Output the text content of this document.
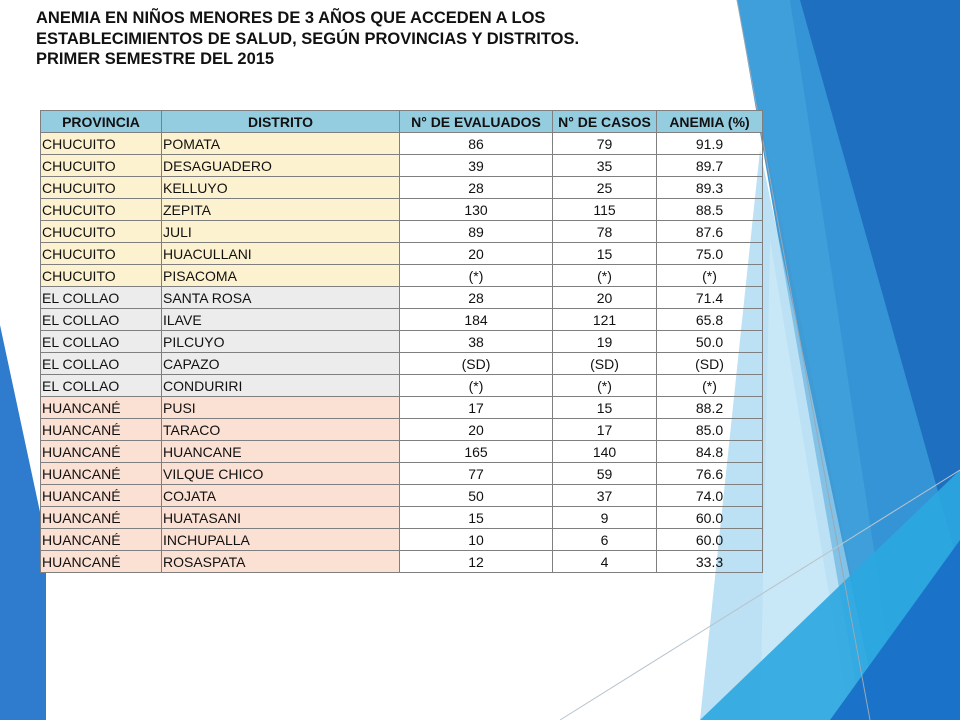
ANEMIA EN NIÑOS MENORES DE 3 AÑOS QUE ACCEDEN A LOS
ESTABLECIMIENTOS DE SALUD, SEGÚN PROVINCIAS Y DISTRITOS.
PRIMER SEMESTRE DEL 2015
PROVINCIA	DISTRITO	N° DE EVALUADOS	N° DE CASOS	ANEMIA (%)
CHUCUITO	POMATA	86	79	91.9
CHUCUITO	DESAGUADERO	39	35	89.7
CHUCUITO	KELLUYO	28	25	89.3
CHUCUITO	ZEPITA	130	115	88.5
CHUCUITO	JULI	89	78	87.6
CHUCUITO	HUACULLANI	20	15	75.0
CHUCUITO	PISACOMA	(*)	(*)	(*)
EL COLLAO	SANTA ROSA	28	20	71.4
EL COLLAO	ILAVE	184	121	65.8
EL COLLAO	PILCUYO	38	19	50.0
EL COLLAO	CAPAZO	(SD)	(SD)	(SD)
EL COLLAO	CONDURIRI	(*)	(*)	(*)
HUANCANÉ	PUSI	17	15	88.2
HUANCANÉ	TARACO	20	17	85.0
HUANCANÉ	HUANCANE	165	140	84.8
HUANCANÉ	VILQUE CHICO	77	59	76.6
HUANCANÉ	COJATA	50	37	74.0
HUANCANÉ	HUATASANI	15	9	60.0
HUANCANÉ	INCHUPALLA	10	6	60.0
HUANCANÉ	ROSASPATA	12	4	33.3
